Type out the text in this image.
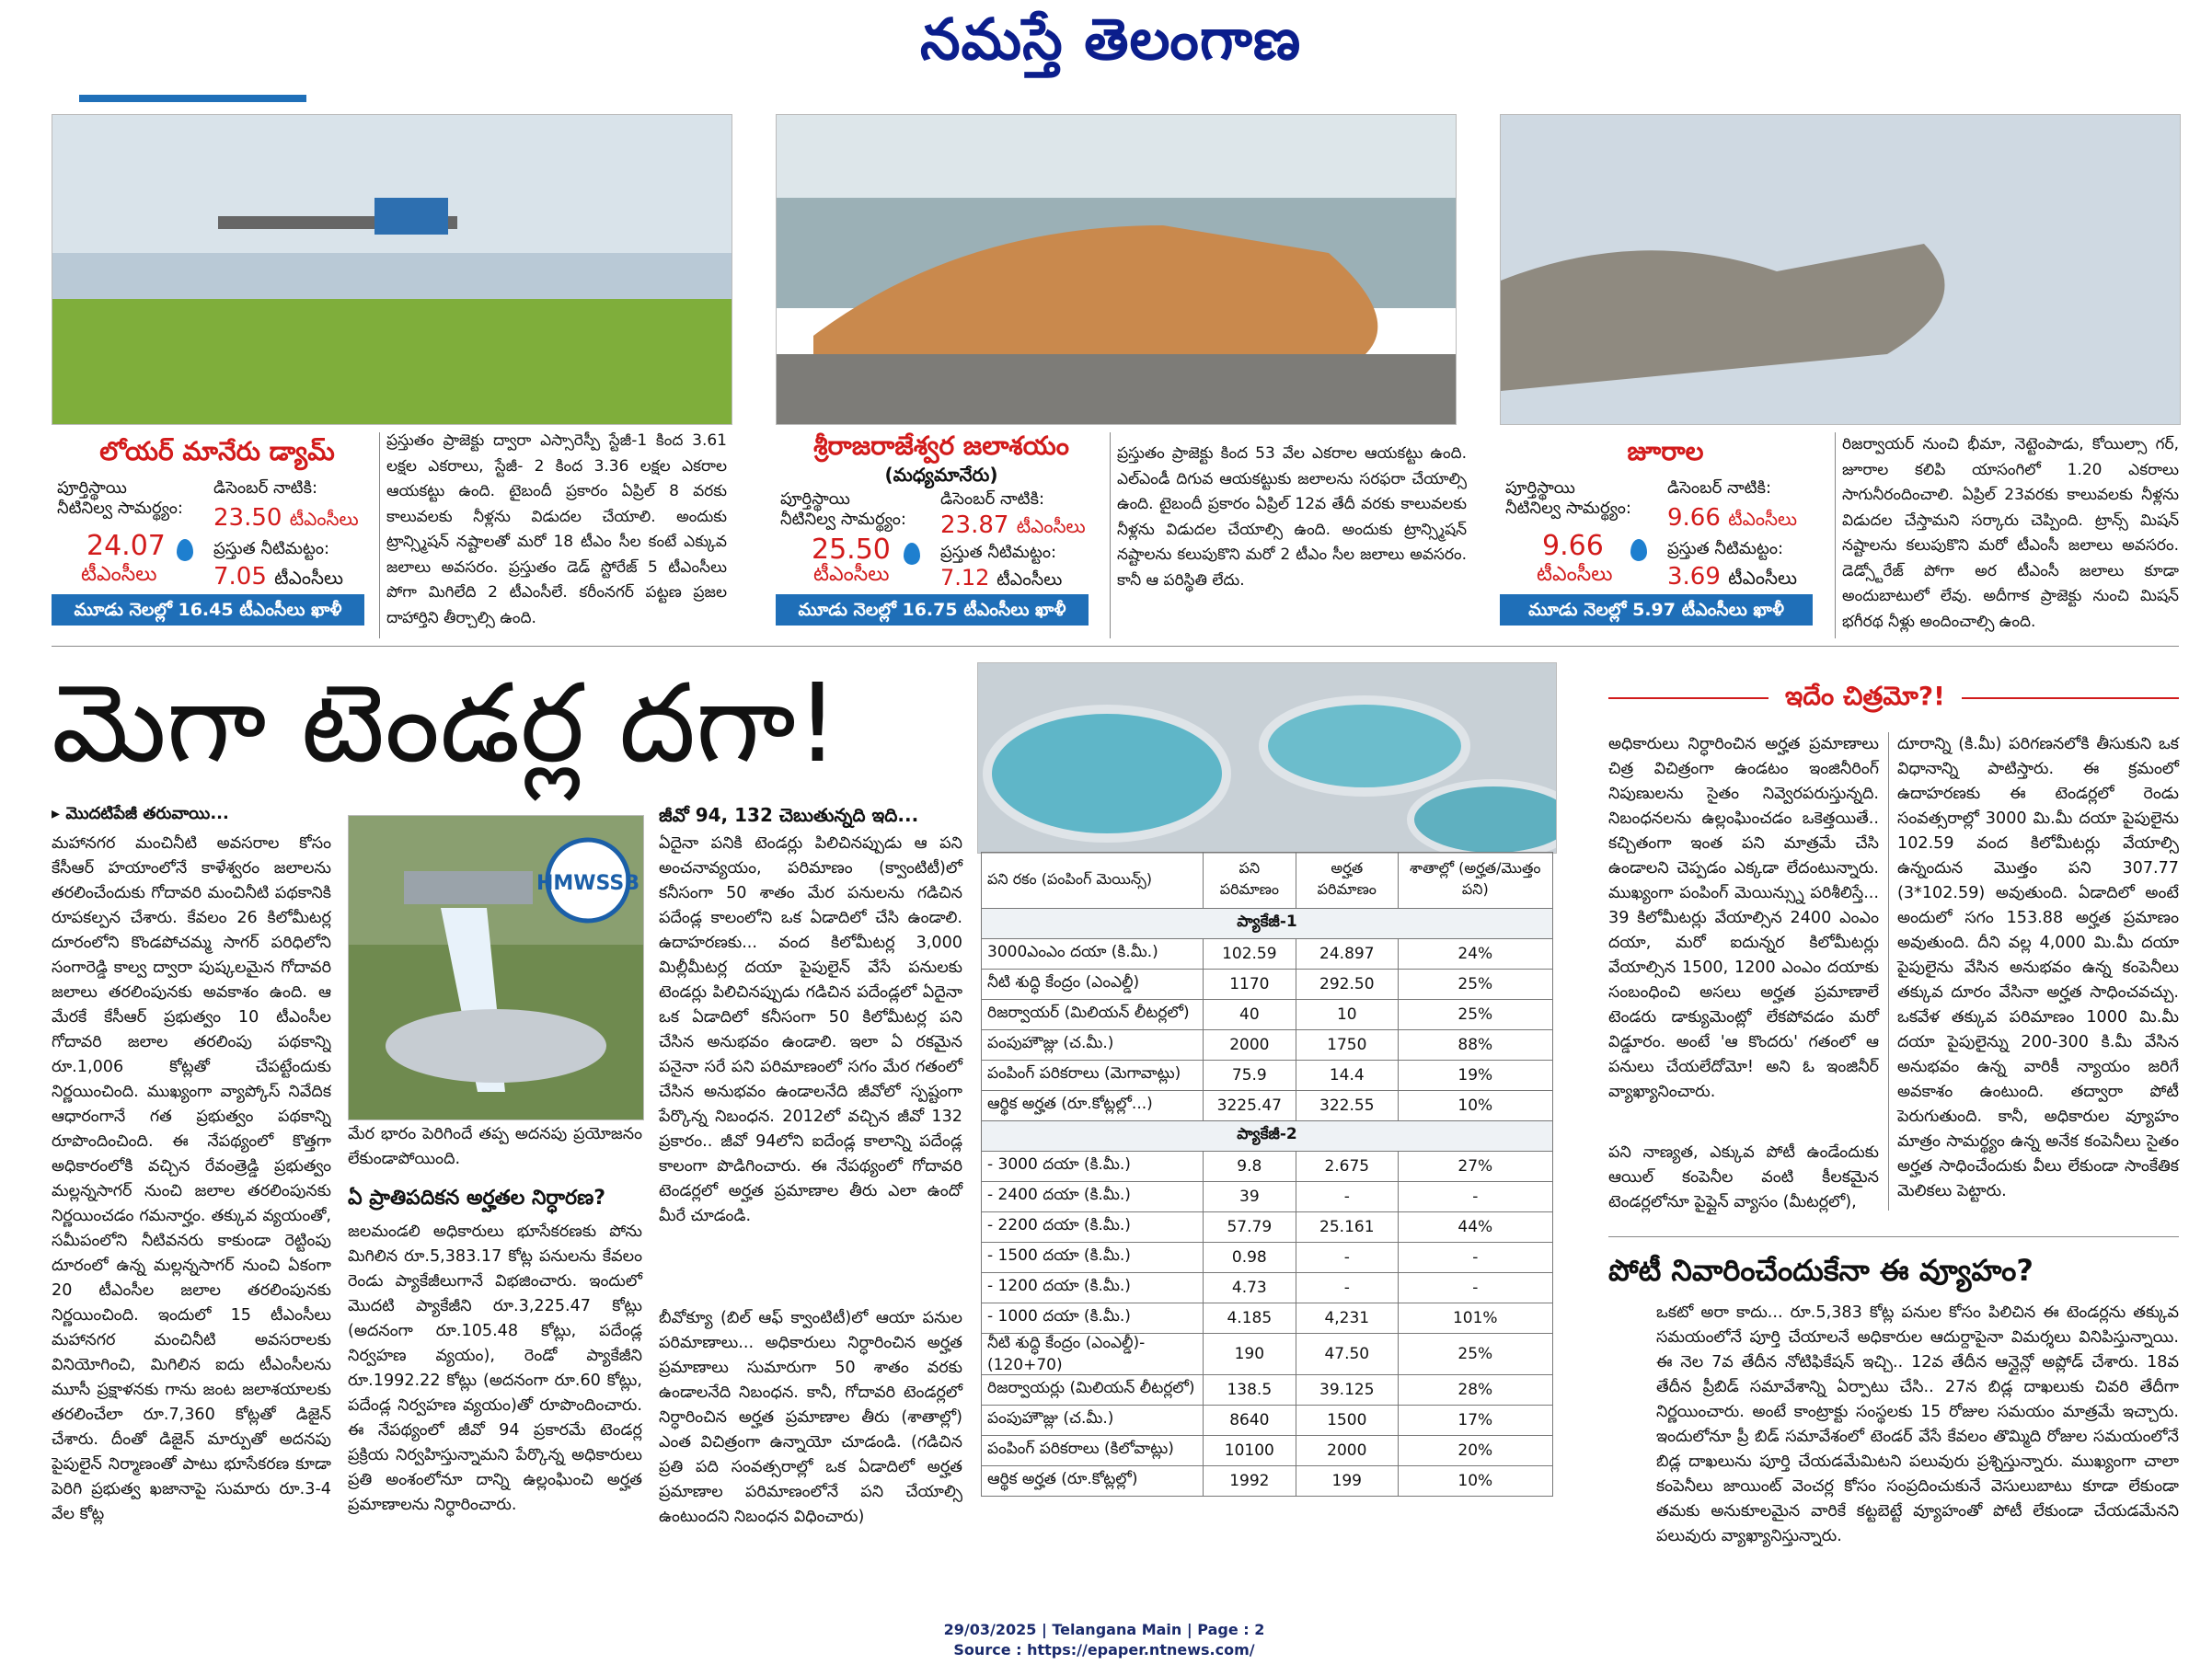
నమస్తే తెలంగాణ
లోయర్ మానేరు డ్యామ్
పూర్తిస్థాయి
నీటినిల్వ సామర్థ్యం:
24.07
టీఎంసీలు
డిసెంబర్ నాటికి:
23.50 టీఎంసీలు
ప్రస్తుత నీటిమట్టం:
7.05 టీఎంసీలు
మూడు నెలల్లో 16.45 టీఎంసీలు ఖాళీ
ప్రస్తుతం ప్రాజెక్టు ద్వారా ఎస్సారెస్పీ స్టేజీ-1 కింద 3.61 లక్షల ఎకరాలు, స్టేజీ- 2 కింద 3.36 లక్షల ఎకరాల ఆయకట్టు ఉంది. టైబందీ ప్రకారం ఏప్రిల్ 8 వరకు కాలువలకు నీళ్లను విడుదల చేయాలి. అందుకు ట్రాన్స్మిషన్ నష్టాలతో మరో 18 టీఎం సీల కంటే ఎక్కువ జలాలు అవసరం. ప్రస్తుతం డెడ్ స్టోరేజ్ 5 టీఎంసీలు పోగా మిగిలేది 2 టీఎంసీలే. కరీంనగర్ పట్టణ ప్రజల దాహార్తిని తీర్చాల్సి ఉంది.
శ్రీరాజరాజేశ్వర జలాశయం
(మధ్యమానేరు)
పూర్తిస్థాయి
నీటినిల్వ సామర్థ్యం:
25.50
టీఎంసీలు
డిసెంబర్ నాటికి:
23.87 టీఎంసీలు
ప్రస్తుత నీటిమట్టం:
7.12 టీఎంసీలు
మూడు నెలల్లో 16.75 టీఎంసీలు ఖాళీ
ప్రస్తుతం ప్రాజెక్టు కింద 53 వేల ఎకరాల ఆయకట్టు ఉంది. ఎల్ఎండీ దిగువ ఆయకట్టుకు జలాలను సరఫరా చేయాల్సి ఉంది. టైబందీ ప్రకారం ఏప్రిల్ 12వ తేదీ వరకు కాలువలకు నీళ్లను విడుదల చేయాల్సి ఉంది. అందుకు ట్రాన్స్మిషన్ నష్టాలను కలుపుకొని మరో 2 టీఎం సీల జలాలు అవసరం. కానీ ఆ పరిస్థితి లేదు.
జూరాల
పూర్తిస్థాయి
నీటినిల్వ సామర్థ్యం:
9.66
టీఎంసీలు
డిసెంబర్ నాటికి:
9.66 టీఎంసీలు
ప్రస్తుత నీటిమట్టం:
3.69 టీఎంసీలు
మూడు నెలల్లో 5.97 టీఎంసీలు ఖాళీ
రిజర్వాయర్ నుంచి భీమా, నెట్టెంపాడు, కోయిల్సా గర్, జూరాల కలిపి యాసంగిలో 1.20 ఎకరాలు సాగునీరందించాలి. ఏప్రిల్ 23వరకు కాలువలకు నీళ్లను విడుదల చేస్తామని సర్కారు చెప్పింది. ట్రాన్స్ మిషన్ నష్టాలను కలుపుకొని మరో టీఎంసీ జలాలు అవసరం. డెడ్స్టోరేజ్ పోగా అర టీఎంసీ జలాలు కూడా అందుబాటులో లేవు. అదీగాక ప్రాజెక్టు నుంచి మిషన్ భగీరథ నీళ్లు అందించాల్సి ఉంది.
మెగా టెండర్ల దగా!
▸ మొదటిపేజీ తరువాయి...
మహానగర మంచినీటి అవసరాల కోసం కేసీఆర్ హయాంలోనే కాళేశ్వరం జలాలను తరలించేందుకు గోదావరి మంచినీటి పథకానికి రూపకల్పన చేశారు. కేవలం 26 కిలోమీటర్ల దూరంలోని కొండపోచమ్మ సాగర్ పరిధిలోని సంగారెడ్డి కాల్వ ద్వారా పుష్కలమైన గోదావరి జలాలు తరలింపునకు అవకాశం ఉంది. ఆ మేరకే కేసీఆర్ ప్రభుత్వం 10 టీఎంసీల గోదావరి జలాల తరలింపు పథకాన్ని రూ.1,006 కోట్లతో చేపట్టేందుకు నిర్ణయించింది. ముఖ్యంగా వ్యాప్కోస్ నివేదిక ఆధారంగానే గత ప్రభుత్వం పథకాన్ని రూపొందించింది. ఈ నేపథ్యంలో కొత్తగా అధికారంలోకి వచ్చిన రేవంత్రెడ్డి ప్రభుత్వం మల్లన్నసాగర్ నుంచి జలాల తరలింపునకు నిర్ణయించడం గమనార్హం. తక్కువ వ్యయంతో, సమీపంలోని నీటివనరు కాకుండా రెట్టింపు దూరంలో ఉన్న మల్లన్నసాగర్ నుంచి ఏకంగా 20 టీఎంసీల జలాల తరలింపునకు నిర్ణయించింది. ఇందులో 15 టీఎంసీలు మహానగర మంచినీటి అవసరాలకు వినియోగించి, మిగిలిన ఐదు టీఎంసీలను మూసీ ప్రక్షాళనకు గాను జంట జలాశయాలకు తరలించేలా రూ.7,360 కోట్లతో డిజైన్ చేశారు. దీంతో డిజైన్ మార్పుతో అదనపు పైపులైన్ నిర్మాణంతో పాటు భూసేకరణ కూడా పెరిగి ప్రభుత్వ ఖజానాపై సుమారు రూ.3-4 వేల కోట్ల
HMWSSB
మేర భారం పెరిగిందే తప్ప అదనపు ప్రయోజనం లేకుండాపోయింది.
ఏ ప్రాతిపదికన అర్హతల నిర్ధారణ?
జలమండలి అధికారులు భూసేకరణకు పోను మిగిలిన రూ.5,383.17 కోట్ల పనులను కేవలం రెండు ప్యాకేజీలుగానే విభజించారు. ఇందులో మొదటి ప్యాకేజీని రూ.3,225.47 కోట్లు (అదనంగా రూ.105.48 కోట్లు, పదేండ్ల నిర్వహణ వ్యయం), రెండో ప్యాకేజీని రూ.1992.22 కోట్లు (అదనంగా రూ.60 కోట్లు, పదేండ్ల నిర్వహణ వ్యయం)తో రూపొందించారు. ఈ నేపథ్యంలో జీవో 94 ప్రకారమే టెండర్ల ప్రక్రియ నిర్వహిస్తున్నామని పేర్కొన్న అధికారులు ప్రతి అంశంలోనూ దాన్ని ఉల్లంఘించి అర్హత ప్రమాణాలను నిర్ధారించారు.
జీవో 94, 132 చెబుతున్నది ఇది...
ఏదైనా పనికి టెండర్లు పిలిచినప్పుడు ఆ పని అంచనావ్యయం, పరిమాణం (క్వాంటిటీ)లో కనీసంగా 50 శాతం మేర పనులను గడిచిన పదేండ్ల కాలంలోని ఒక ఏడాదిలో చేసి ఉండాలి. ఉదాహరణకు... వంద కిలోమీటర్ల 3,000 మిల్లీమీటర్ల దయా పైపులైన్ వేసే పనులకు టెండర్లు పిలిచినప్పుడు గడిచిన పదేండ్లలో ఏదైనా ఒక ఏడాదిలో కనీసంగా 50 కిలోమీటర్ల పని చేసిన అనుభవం ఉండాలి. ఇలా ఏ రకమైన పనైనా సరే పని పరిమాణంలో సగం మేర గతంలో చేసిన అనుభవం ఉండాలనేది జీవోలో స్పష్టంగా పేర్కొన్న నిబంధన. 2012లో వచ్చిన జీవో 132 ప్రకారం.. జీవో 94లోని ఐదేండ్ల కాలాన్ని పదేండ్ల కాలంగా పొడిగించారు. ఈ నేపథ్యంలో గోదావరి టెండర్లలో అర్హత ప్రమాణాల తీరు ఎలా ఉందో మీరే చూడండి.
బీవోక్యూ (బిల్ ఆఫ్ క్వాంటిటీ)లో ఆయా పనుల పరిమాణాలు... అధికారులు నిర్ధారించిన అర్హత ప్రమాణాలు సుమారుగా 50 శాతం వరకు ఉండాలనేది నిబంధన. కానీ, గోదావరి టెండర్లలో నిర్ధారించిన అర్హత ప్రమాణాల తీరు (శాతాల్లో) ఎంత విచిత్రంగా ఉన్నాయో చూడండి. (గడిచిన ప్రతి పది సంవత్సరాల్లో ఒక ఏడాదిలో అర్హత ప్రమాణాల పరిమాణంలోనే పని చేయాల్సి ఉంటుందని నిబంధన విధించారు)
పని రకం (పంపింగ్ మెయిన్స్)	పని పరిమాణం	అర్హత పరిమాణం	శాతాల్లో (అర్హత/మొత్తం పని)
ప్యాకేజీ-1			
3000ఎంఎం దయా (కి.మీ.)	102.59	24.897	24%
నీటి శుద్ధి కేంద్రం (ఎంఎల్డీ)	1170	292.50	25%
రిజర్వాయర్ (మిలియన్ లీటర్లలో)	40	10	25%
పంపుహౌజ్లు (చ.మీ.)	2000	1750	88%
పంపింగ్ పరికరాలు (మెగావాట్లు)	75.9	14.4	19%
ఆర్థిక అర్హత (రూ.కోట్లల్లో...)	3225.47	322.55	10%
ప్యాకేజీ-2			
- 3000 దయా (కి.మీ.)	9.8	2.675	27%
- 2400 దయా (కి.మీ.)	39	-	-
- 2200 దయా (కి.మీ.)	57.79	25.161	44%
- 1500 దయా (కి.మీ.)	0.98	-	-
- 1200 దయా (కి.మీ.)	4.73	-	-
- 1000 దయా (కి.మీ.)	4.185	4,231	101%
నీటి శుద్ధి కేంద్రం (ఎంఎల్డీ)-(120+70)	190	47.50	25%
రిజర్వాయర్లు (మిలియన్ లీటర్లలో)	138.5	39.125	28%
పంపుహౌజ్లు (చ.మీ.)	8640	1500	17%
పంపింగ్ పరికరాలు (కిలోవాట్లు)	10100	2000	20%
ఆర్థిక అర్హత (రూ.కోట్లల్లో)	1992	199	10%
ఇదేం చిత్రమో?!
అధికారులు నిర్ధారించిన అర్హత ప్రమాణాలు చిత్ర విచిత్రంగా ఉండటం ఇంజినీరింగ్ నిపుణులను సైతం నివ్వెరపరుస్తున్నది. నిబంధనలను ఉల్లంఘించడం ఒకెత్తయితే.. కచ్చితంగా ఇంత పని మాత్రమే చేసి ఉండాలని చెప్పడం ఎక్కడా లేదంటున్నారు. ముఖ్యంగా పంపింగ్ మెయిన్స్ను పరిశీలిస్తే... 39 కిలోమీటర్లు వేయాల్సిన 2400 ఎంఎం దయా, మరో ఐదున్నర కిలోమీటర్లు వేయాల్సిన 1500, 1200 ఎంఎం దయాకు సంబంధించి అసలు అర్హత ప్రమాణాలే టెండరు డాక్యుమెంట్లో లేకపోవడం మరో విడ్డూరం. అంటే 'ఆ కొందరు' గతంలో ఆ పనులు చేయలేదోమో! అని ఓ ఇంజినీర్ వ్యాఖ్యానించారు.
పని నాణ్యత, ఎక్కువ పోటీ ఉండేందుకు ఆయిల్ కంపెనీల వంటి కీలకమైన టెండర్లలోనూ పైప్లైన్ వ్యాసం (మీటర్లలో),
దూరాన్ని (కి.మీ) పరిగణనలోకి తీసుకుని ఒక విధానాన్ని పాటిస్తారు. ఈ క్రమంలో ఉదాహరణకు ఈ టెండర్లలో రెండు సంవత్సరాల్లో 3000 మి.మీ దయా పైపులైను 102.59 వంద కిలోమీటర్లు వేయాల్సి ఉన్నందున మొత్తం పని 307.77 (3*102.59) అవుతుంది. ఏడాదిలో అంటే అందులో సగం 153.88 అర్హత ప్రమాణం అవుతుంది. దీని వల్ల 4,000 మి.మీ దయా పైపులైను వేసిన అనుభవం ఉన్న కంపెనీలు తక్కువ దూరం వేసినా అర్హత సాధించవచ్చు. ఒకవేళ తక్కువ పరిమాణం 1000 మి.మీ దయా పైపులైన్ను 200-300 కి.మీ వేసిన అనుభవం ఉన్న వారికీ న్యాయం జరిగే అవకాశం ఉంటుంది. తద్వారా పోటీ పెరుగుతుంది. కానీ, అధికారుల వ్యూహం మాత్రం సామర్థ్యం ఉన్న అనేక కంపెనీలు సైతం అర్హత సాధించేందుకు వీలు లేకుండా సాంకేతిక మెలికలు పెట్టారు.
పోటీ నివారించేందుకేనా ఈ వ్యూహం?
ఒకటో అరా కాదు... రూ.5,383 కోట్ల పనుల కోసం పిలిచిన ఈ టెండర్లను తక్కువ సమయంలోనే పూర్తి చేయాలనే అధికారుల ఆదుర్దాపైనా విమర్శలు వినిపిస్తున్నాయి. ఈ నెల 7వ తేదీన నోటిఫికేషన్ ఇచ్చి.. 12వ తేదీన ఆన్లైన్లో అప్లోడ్ చేశారు. 18వ తేదీన ప్రీబిడ్ సమావేశాన్ని ఏర్పాటు చేసి.. 27న బిడ్ల దాఖలుకు చివరి తేదీగా నిర్ణయించారు. అంటే కాంట్రాక్టు సంస్థలకు 15 రోజుల సమయం మాత్రమే ఇచ్చారు. ఇందులోనూ ప్రీ బిడ్ సమావేశంలో టెండర్ వేసే కేవలం తొమ్మిది రోజుల సమయంలోనే బిడ్ల దాఖలును పూర్తి చేయడమేమిటని పలువురు ప్రశ్నిస్తున్నారు. ముఖ్యంగా చాలా కంపెనీలు జాయింట్ వెంచర్ల కోసం సంప్రదించుకునే వెసులుబాటు కూడా లేకుండా తమకు అనుకూలమైన వారికే కట్టబెట్టే వ్యూహంతో పోటీ లేకుండా చేయడమేనని పలువురు వ్యాఖ్యానిస్తున్నారు.
29/03/2025 | Telangana Main | Page : 2
Source : https://epaper.ntnews.com/
